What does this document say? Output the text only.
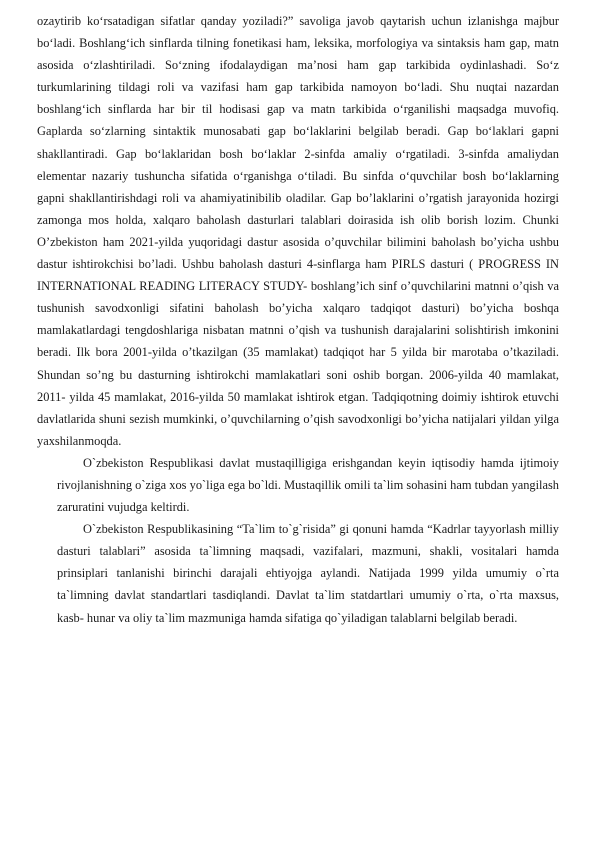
ozaytirib ko‘rsatadigan sifatlar qanday yoziladi?” savoliga javob qaytarish uchun izlanishga majbur bo‘ladi. Boshlang‘ich sinflarda tilning fonetikasi ham, leksika, morfologiya va sintaksis ham gap, matn asosida o‘zlashtiriladi. So‘zning ifodalaydigan ma’nosi ham gap tarkibida oydinlashadi. So‘z turkumlarining tildagi roli va vazifasi ham gap tarkibida namoyon bo‘ladi. Shu nuqtai nazardan boshlang‘ich sinflarda har bir til hodisasi gap va matn tarkibida o‘rganilishi maqsadga muvofiq. Gaplarda so‘zlarning sintaktik munosabati gap bo‘laklarini belgilab beradi. Gap bo‘laklari gapni shakllantiradi. Gap bo‘laklaridan bosh bo‘laklar 2-sinfda amaliy o‘rgatiladi. 3-sinfda amaliydan elementar nazariy tushuncha sifatida o‘rganishga o‘tiladi. Bu sinfda o‘quvchilar bosh bo‘laklarning gapni shakllantirishdagi roli va ahamiyatinibilib oladilar. Gap bo’laklarini o’rgatish jarayonida hozirgi zamonga mos holda, xalqaro baholash dasturlari talablari doirasida ish olib borish lozim. Chunki O’zbekiston ham 2021-yilda yuqoridagi dastur asosida o’quvchilar bilimini baholash bo’yicha ushbu dastur ishtirokchisi bo’ladi. Ushbu baholash dasturi 4-sinflarga ham PIRLS dasturi ( PROGRESS IN INTERNATIONAL READING LITERACY STUDY- boshlang’ich sinf o’quvchilarini matnni o’qish va tushunish savodxonligi sifatini baholash bo’yicha xalqaro tadqiqot dasturi) bo’yicha boshqa mamlakatlardagi tengdoshlariga nisbatan matnni o’qish va tushunish darajalarini solishtirish imkonini beradi. Ilk bora 2001-yilda o’tkazilgan (35 mamlakat) tadqiqot har 5 yilda bir marotaba o’tkaziladi. Shundan so’ng bu dasturning ishtirokchi mamlakatlari soni oshib borgan. 2006-yilda 40 mamlakat, 2011- yilda 45 mamlakat, 2016-yilda 50 mamlakat ishtirok etgan. Tadqiqotning doimiy ishtirok etuvchi davlatlarida shuni sezish mumkinki, o’quvchilarning o’qish savodxonligi bo’yicha natijalari yildan yilga yaxshilanmoqda.

O`zbekiston Respublikasi davlat mustaqilligiga erishgandan keyin iqtisodiy hamda ijtimoiy rivojlanishning o`ziga xos yo`liga ega bo`ldi. Mustaqillik omili ta`lim sohasini ham tubdan yangilash zaruratini vujudga keltirdi.

O`zbekiston Respublikasining “Ta`lim to`g`risida” gi qonuni hamda “Kadrlar tayyorlash milliy dasturi talablari” asosida ta`limning maqsadi, vazifalari, mazmuni, shakli, vositalari hamda prinsiplari tanlanishi birinchi darajali ehtiyojga aylandi. Natijada 1999 yilda umumiy o`rta ta`limning davlat standartlari tasdiqlandi. Davlat ta`lim statdartlari umumiy o`rta, o`rta maxsus, kasb- hunar va oliy ta`lim mazmuniga hamda sifatiga qo`yiladigan talablarni belgilab beradi.
